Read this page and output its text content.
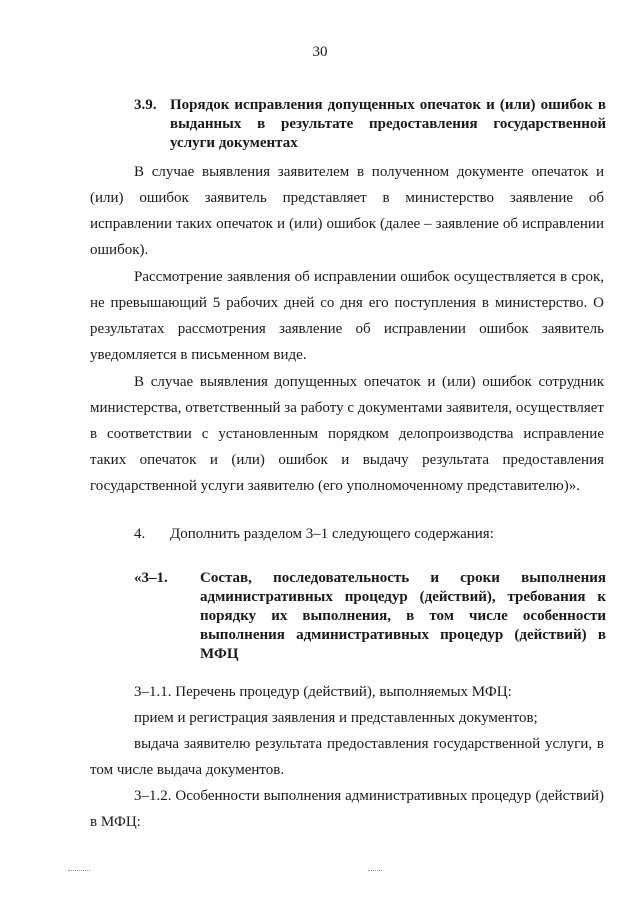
30
3.9. Порядок исправления допущенных опечаток и (или) ошибок в выданных в результате предоставления государственной услуги документах

В случае выявления заявителем в полученном документе опечаток и (или) ошибок заявитель представляет в министерство заявление об исправлении таких опечаток и (или) ошибок (далее – заявление об исправлении ошибок).

Рассмотрение заявления об исправлении ошибок осуществляется в срок, не превышающий 5 рабочих дней со дня его поступления в министерство. О результатах рассмотрения заявление об исправлении ошибок заявитель уведомляется в письменном виде.

В случае выявления допущенных опечаток и (или) ошибок сотрудник министерства, ответственный за работу с документами заявителя, осуществляет в соответствии с установленным порядком делопроизводства исправление таких опечаток и (или) ошибок и выдачу результата предоставления государственной услуги заявителю (его уполномоченному представителю)».

4. Дополнить разделом 3–1 следующего содержания:

«3–1. Состав, последовательность и сроки выполнения административных процедур (действий), требования к порядку их выполнения, в том числе особенности выполнения административных процедур (действий) в МФЦ

3–1.1. Перечень процедур (действий), выполняемых МФЦ:

прием и регистрация заявления и представленных документов;

выдача заявителю результата предоставления государственной услуги, в том числе выдача документов.

3–1.2. Особенности выполнения административных процедур (действий) в МФЦ:
